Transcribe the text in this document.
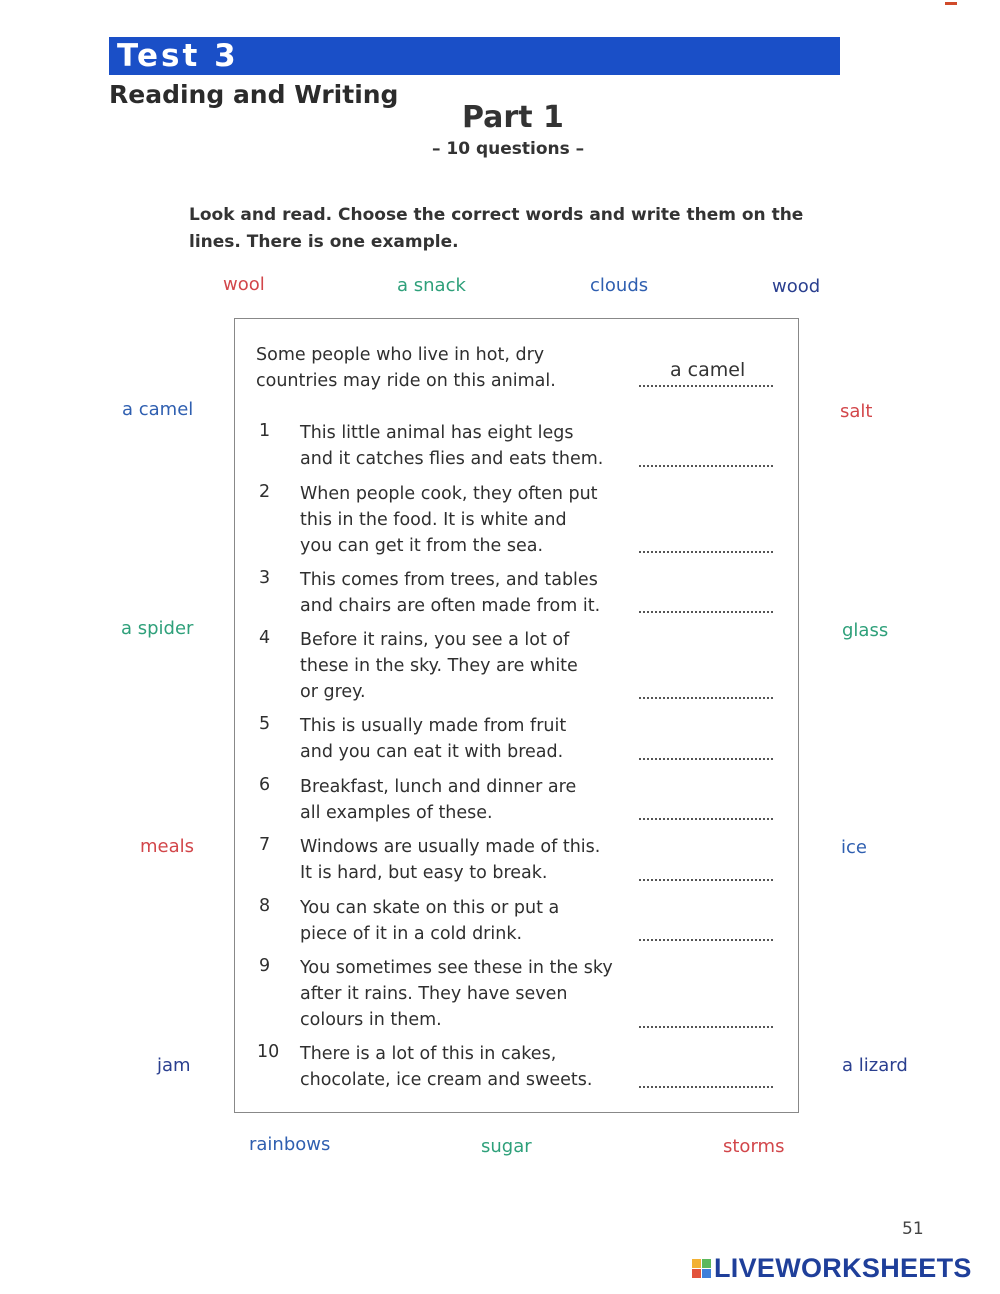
Test 3
Reading and Writing
Part 1
– 10 questions –
Look and read. Choose the correct words and write them on the lines. There is one example.
wool	a snack	clouds	wood
a camel	salt
a spider	glass
meals	ice
jam	a lizard
rainbows	sugar	storms
Some people who live in hot, dry
countries may ride on this animal.	a camel
1 This little animal has eight legs
and it catches flies and eats them.
2 When people cook, they often put
this in the food. It is white and
you can get it from the sea.
3 This comes from trees, and tables
and chairs are often made from it.
4 Before it rains, you see a lot of
these in the sky. They are white
or grey.
5 This is usually made from fruit
and you can eat it with bread.
6 Breakfast, lunch and dinner are
all examples of these.
7 Windows are usually made of this.
It is hard, but easy to break.
8 You can skate on this or put a
piece of it in a cold drink.
9 You sometimes see these in the sky
after it rains. They have seven
colours in them.
10 There is a lot of this in cakes,
chocolate, ice cream and sweets.
51
LIVEWORKSHEETS
